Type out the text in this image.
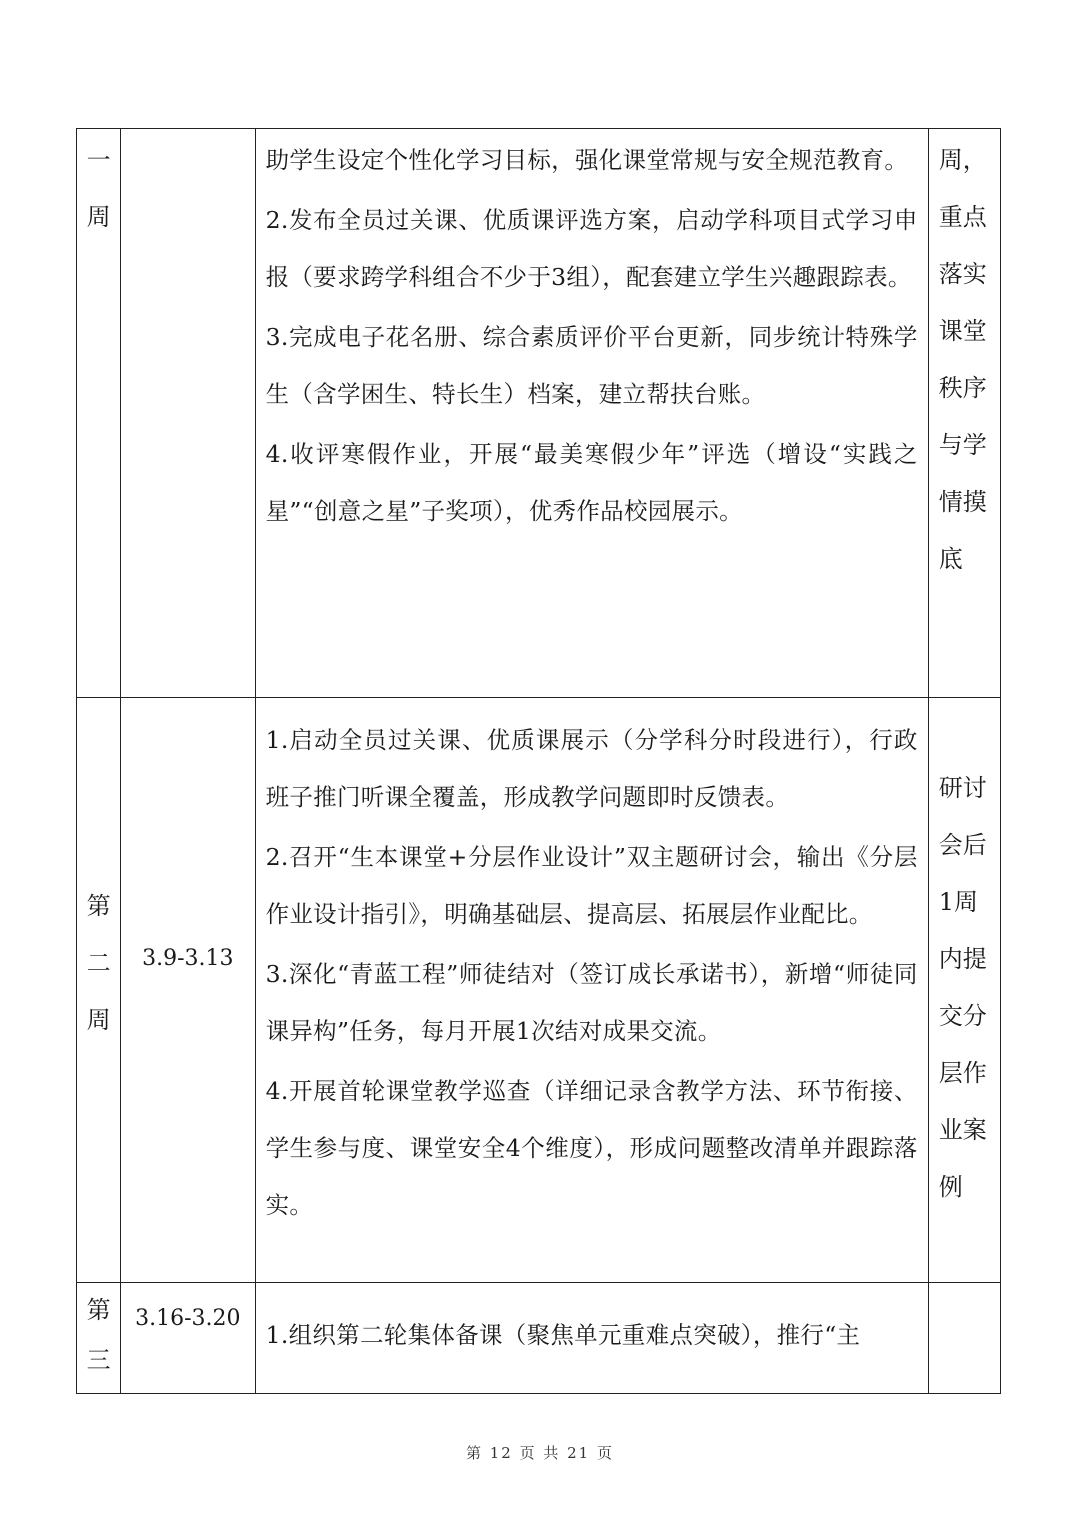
一周		助学生设定个性化学习目标，强化课堂常规与安全规范教育。

2.发布全员过关课、优质课评选方案，启动学科项目式学习申报（要求跨学科组合不少于3组），配套建立学生兴趣跟踪表。

3.完成电子花名册、综合素质评价平台更新，同步统计特殊学生（含学困生、特长生）档案，建立帮扶台账。

4.收评寒假作业，开展“最美寒假少年”评选（增设“实践之星”“创意之星”子奖项），优秀作品校园展示。	周，重点落实课堂秩序与学情摸底

第二周	3.9-3.13	1.启动全员过关课、优质课展示（分学科分时段进行），行政班子推门听课全覆盖，形成教学问题即时反馈表。

2.召开“生本课堂+分层作业设计”双主题研讨会，输出《分层作业设计指引》，明确基础层、提高层、拓展层作业配比。

3.深化“青蓝工程”师徒结对（签订成长承诺书），新增“师徒同课异构”任务，每月开展1次结对成果交流。

4.开展首轮课堂教学巡查（详细记录含教学方法、环节衔接、学生参与度、课堂安全4个维度），形成问题整改清单并跟踪落实。	研讨会后1周内提交分层作业案例

第三	3.16-3.20	1.组织第二轮集体备课（聚焦单元重难点突破），推行“主	

第 12 页 共 21 页
